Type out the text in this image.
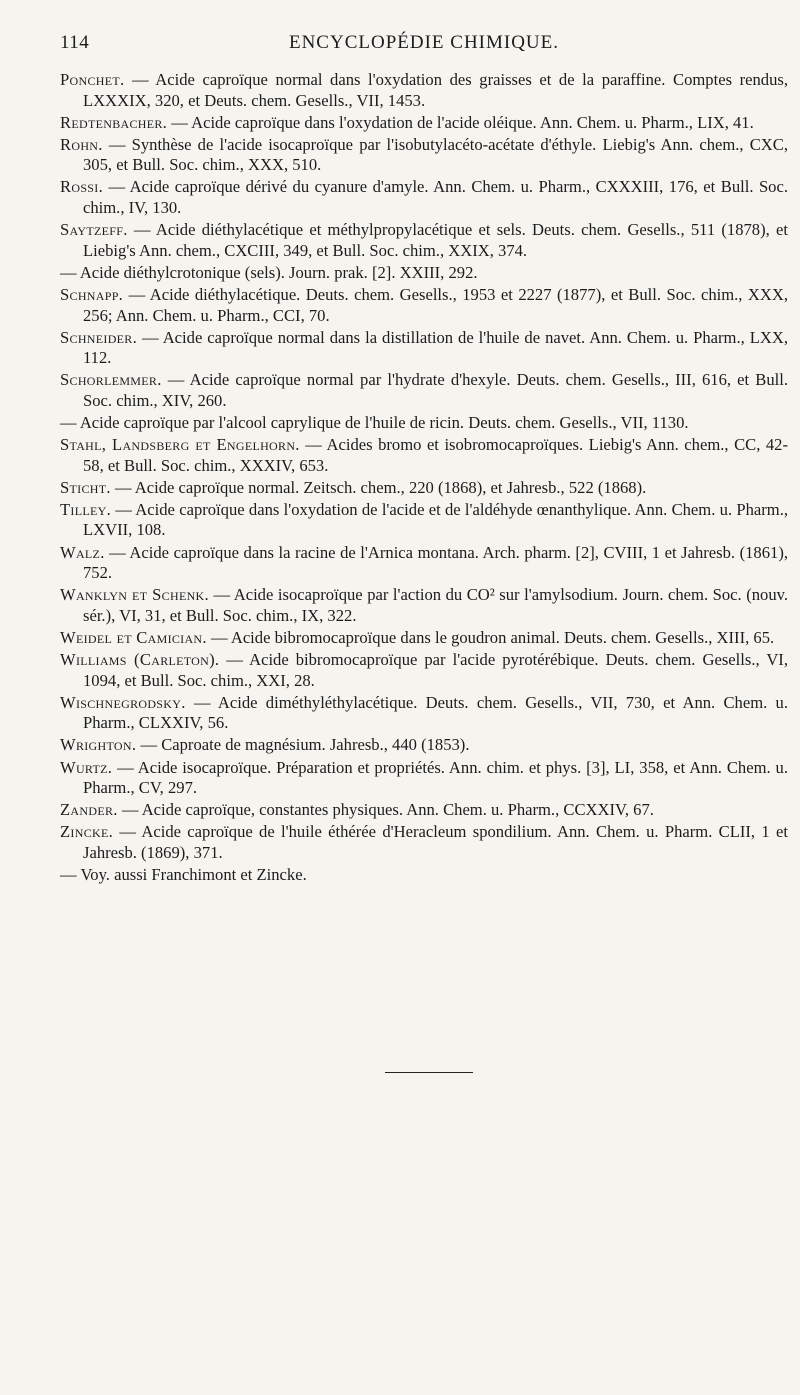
114	ENCYCLOPÉDIE CHIMIQUE.

Ponchet. — Acide caproïque normal dans l'oxydation des graisses et de la paraffine. Comptes rendus, LXXXIX, 320, et Deuts. chem. Gesells., VII, 1453.

Redtenbacher. — Acide caproïque dans l'oxydation de l'acide oléique. Ann. Chem. u. Pharm., LIX, 41.

Rohn. — Synthèse de l'acide isocaproïque par l'isobutylacéto-acétate d'éthyle. Liebig's Ann. chem., CXC, 305, et Bull. Soc. chim., XXX, 510.

Rossi. — Acide caproïque dérivé du cyanure d'amyle. Ann. Chem. u. Pharm., CXXXIII, 176, et Bull. Soc. chim., IV, 130.

Saytzeff. — Acide diéthylacétique et méthylpropylacétique et sels. Deuts. chem. Gesells., 511 (1878), et Liebig's Ann. chem., CXCIII, 349, et Bull. Soc. chim., XXIX, 374.

— Acide diéthylcrotonique (sels). Journ. prak. [2]. XXIII, 292.

Schnapp. — Acide diéthylacétique. Deuts. chem. Gesells., 1953 et 2227 (1877), et Bull. Soc. chim., XXX, 256; Ann. Chem. u. Pharm., CCI, 70.

Schneider. — Acide caproïque normal dans la distillation de l'huile de navet. Ann. Chem. u. Pharm., LXX, 112.

Schorlemmer. — Acide caproïque normal par l'hydrate d'hexyle. Deuts. chem. Gesells., III, 616, et Bull. Soc. chim., XIV, 260.

— Acide caproïque par l'alcool caprylique de l'huile de ricin. Deuts. chem. Gesells., VII, 1130.

Stahl, Landsberg et Engelhorn. — Acides bromo et isobromocaproïques. Liebig's Ann. chem., CC, 42-58, et Bull. Soc. chim., XXXIV, 653.

Sticht. — Acide caproïque normal. Zeitsch. chem., 220 (1868), et Jahresb., 522 (1868).

Tilley. — Acide caproïque dans l'oxydation de l'acide et de l'aldéhyde œnanthylique. Ann. Chem. u. Pharm., LXVII, 108.

Walz. — Acide caproïque dans la racine de l'Arnica montana. Arch. pharm. [2], CVIII, 1 et Jahresb. (1861), 752.

Wanklyn et Schenk. — Acide isocaproïque par l'action du CO² sur l'amylsodium. Journ. chem. Soc. (nouv. sér.), VI, 31, et Bull. Soc. chim., IX, 322.

Weidel et Camician. — Acide bibromocaproïque dans le goudron animal. Deuts. chem. Gesells., XIII, 65.

Williams (Carleton). — Acide bibromocaproïque par l'acide pyrotérébique. Deuts. chem. Gesells., VI, 1094, et Bull. Soc. chim., XXI, 28.

Wischnegrodsky. — Acide diméthyléthylacétique. Deuts. chem. Gesells., VII, 730, et Ann. Chem. u. Pharm., CLXXIV, 56.

Wrighton. — Caproate de magnésium. Jahresb., 440 (1853).

Wurtz. — Acide isocaproïque. Préparation et propriétés. Ann. chim. et phys. [3], LI, 358, et Ann. Chem. u. Pharm., CV, 297.

Zander. — Acide caproïque, constantes physiques. Ann. Chem. u. Pharm., CCXXIV, 67.

Zincke. — Acide caproïque de l'huile éthérée d'Heracleum spondilium. Ann. Chem. u. Pharm. CLII, 1 et Jahresb. (1869), 371.

— Voy. aussi Franchimont et Zincke.
